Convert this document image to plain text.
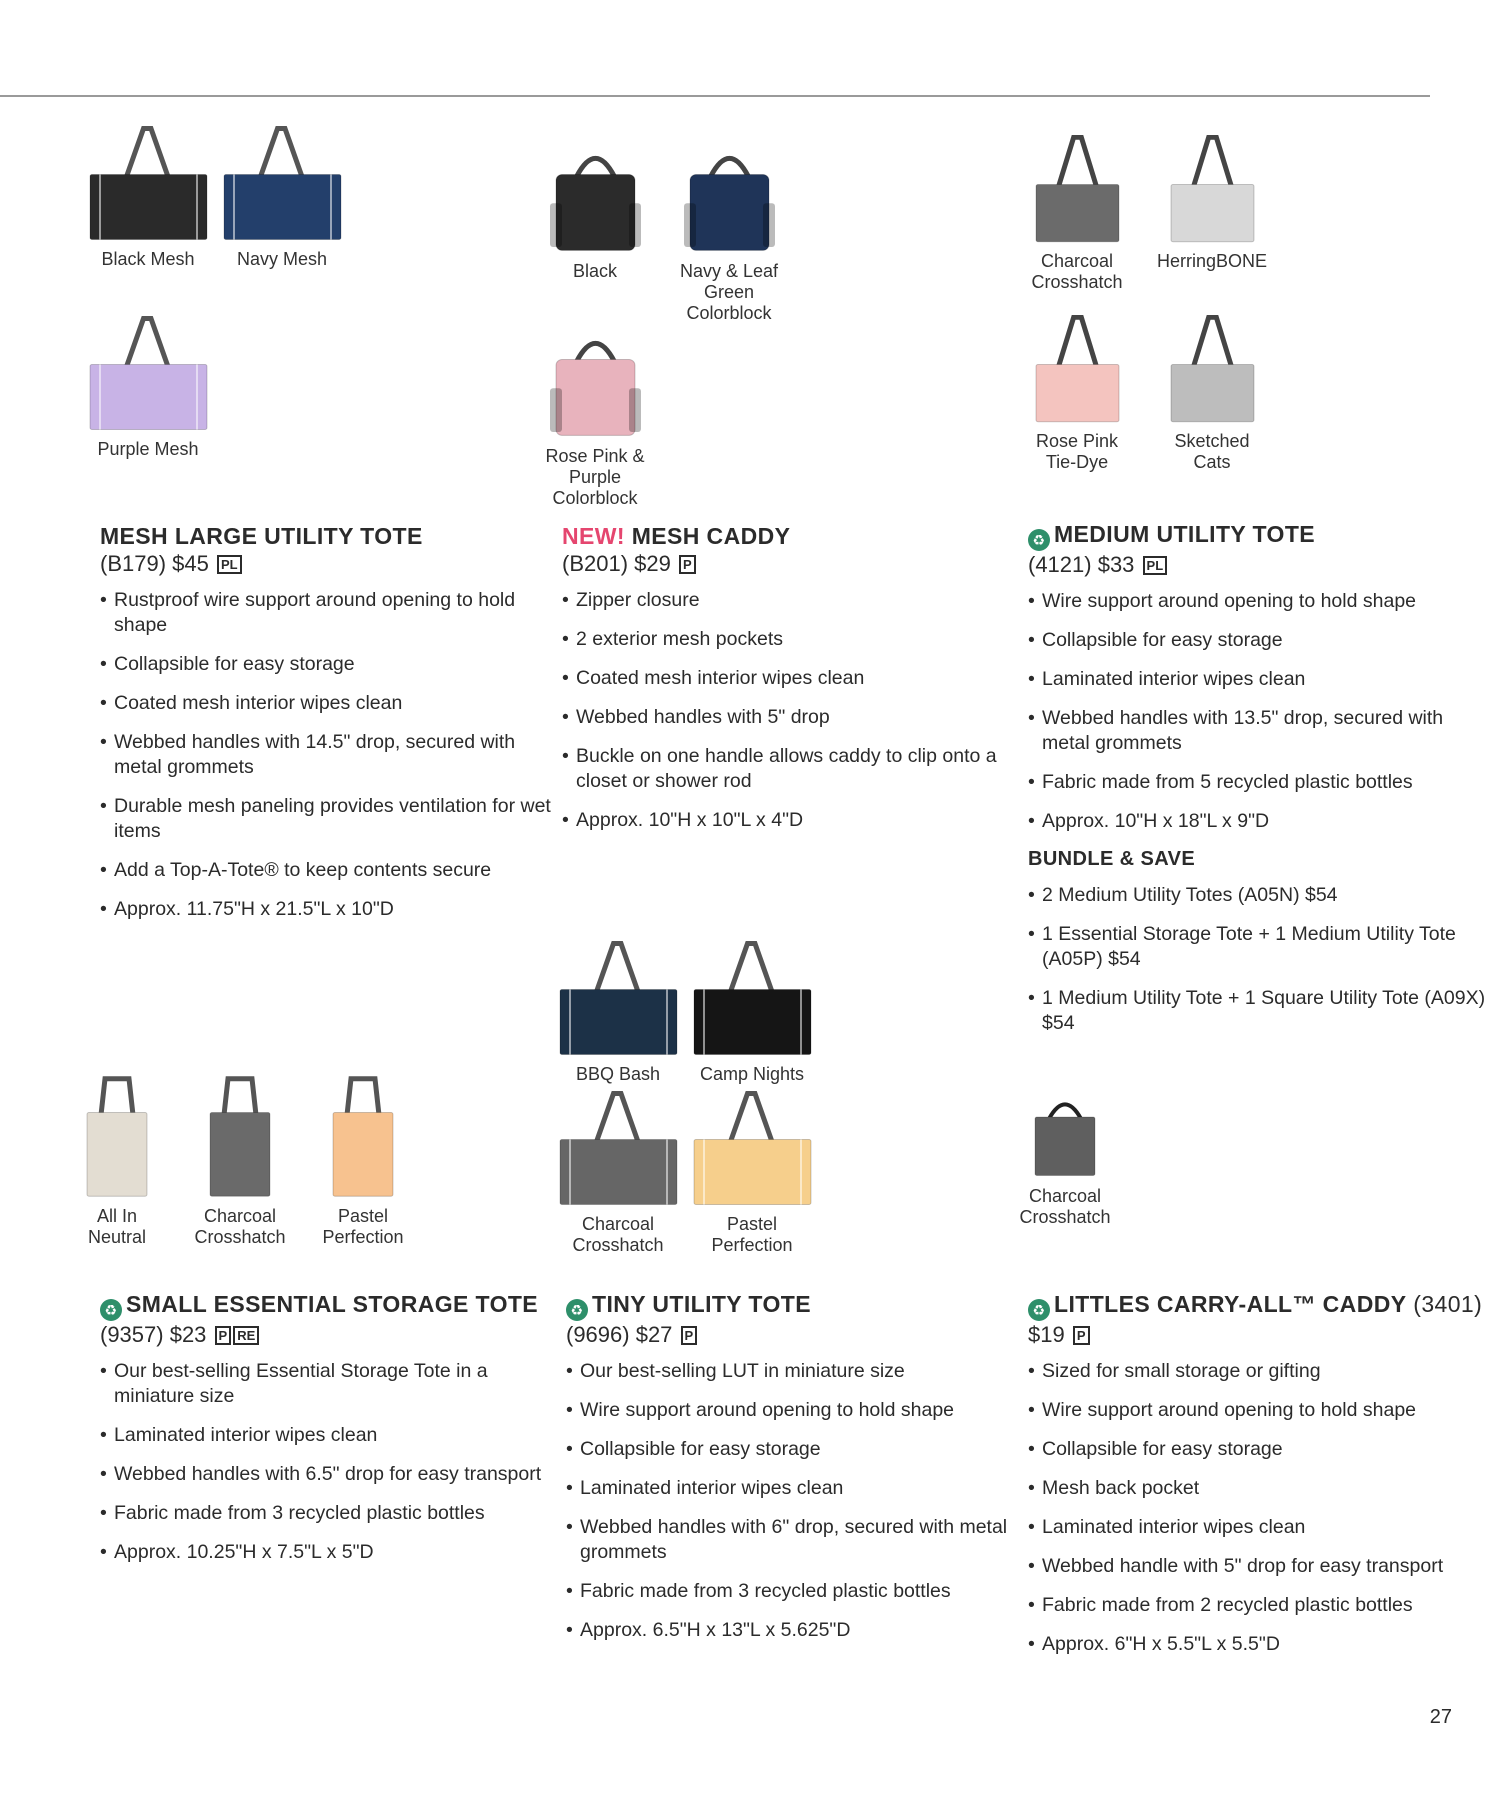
Black Mesh	Navy Mesh
Purple Mesh
Black	Navy & Leaf
Green Colorblock
Rose Pink &
Purple Colorblock
Charcoal
Crosshatch
HerringBONE
Rose Pink
Tie-Dye
Sketched
Cats
BBQ Bash	Camp Nights
Charcoal
Crosshatch
Pastel
Perfection
All In
Neutral
Charcoal
Crosshatch
Pastel
Perfection
Charcoal
Crosshatch
MESH LARGE UTILITY TOTE
(B179) $45 PL
• Rustproof wire support around opening to hold shape
• Collapsible for easy storage
• Coated mesh interior wipes clean
• Webbed handles with 14.5" drop, secured with metal grommets
• Durable mesh paneling provides ventilation for wet items
• Add a Top-A-Tote® to keep contents secure
• Approx. 11.75"H x 21.5"L x 10"D
NEW! MESH CADDY
(B201) $29 P
• Zipper closure
• 2 exterior mesh pockets
• Coated mesh interior wipes clean
• Webbed handles with 5" drop
• Buckle on one handle allows caddy to clip onto a closet or shower rod
• Approx. 10"H x 10"L x 4"D
♻ MEDIUM UTILITY TOTE
(4121) $33 PL
• Wire support around opening to hold shape
• Collapsible for easy storage
• Laminated interior wipes clean
• Webbed handles with 13.5" drop, secured with metal grommets
• Fabric made from 5 recycled plastic bottles
• Approx. 10"H x 18"L x 9"D
BUNDLE & SAVE
• 2 Medium Utility Totes (A05N) $54
• 1 Essential Storage Tote + 1 Medium Utility Tote (A05P) $54
• 1 Medium Utility Tote + 1 Square Utility Tote (A09X) $54
♻ SMALL ESSENTIAL STORAGE TOTE
(9357) $23 P RE
• Our best-selling Essential Storage Tote in a miniature size
• Laminated interior wipes clean
• Webbed handles with 6.5" drop for easy transport
• Fabric made from 3 recycled plastic bottles
• Approx. 10.25"H x 7.5"L x 5"D
♻ TINY UTILITY TOTE
(9696) $27 P
• Our best-selling LUT in miniature size
• Wire support around opening to hold shape
• Collapsible for easy storage
• Laminated interior wipes clean
• Webbed handles with 6" drop, secured with metal grommets
• Fabric made from 3 recycled plastic bottles
• Approx. 6.5"H x 13"L x 5.625"D
♻ LITTLES CARRY-ALL™ CADDY (3401)
$19 P
• Sized for small storage or gifting
• Wire support around opening to hold shape
• Collapsible for easy storage
• Mesh back pocket
• Laminated interior wipes clean
• Webbed handle with 5" drop for easy transport
• Fabric made from 2 recycled plastic bottles
• Approx. 6"H x 5.5"L x 5.5"D
27
